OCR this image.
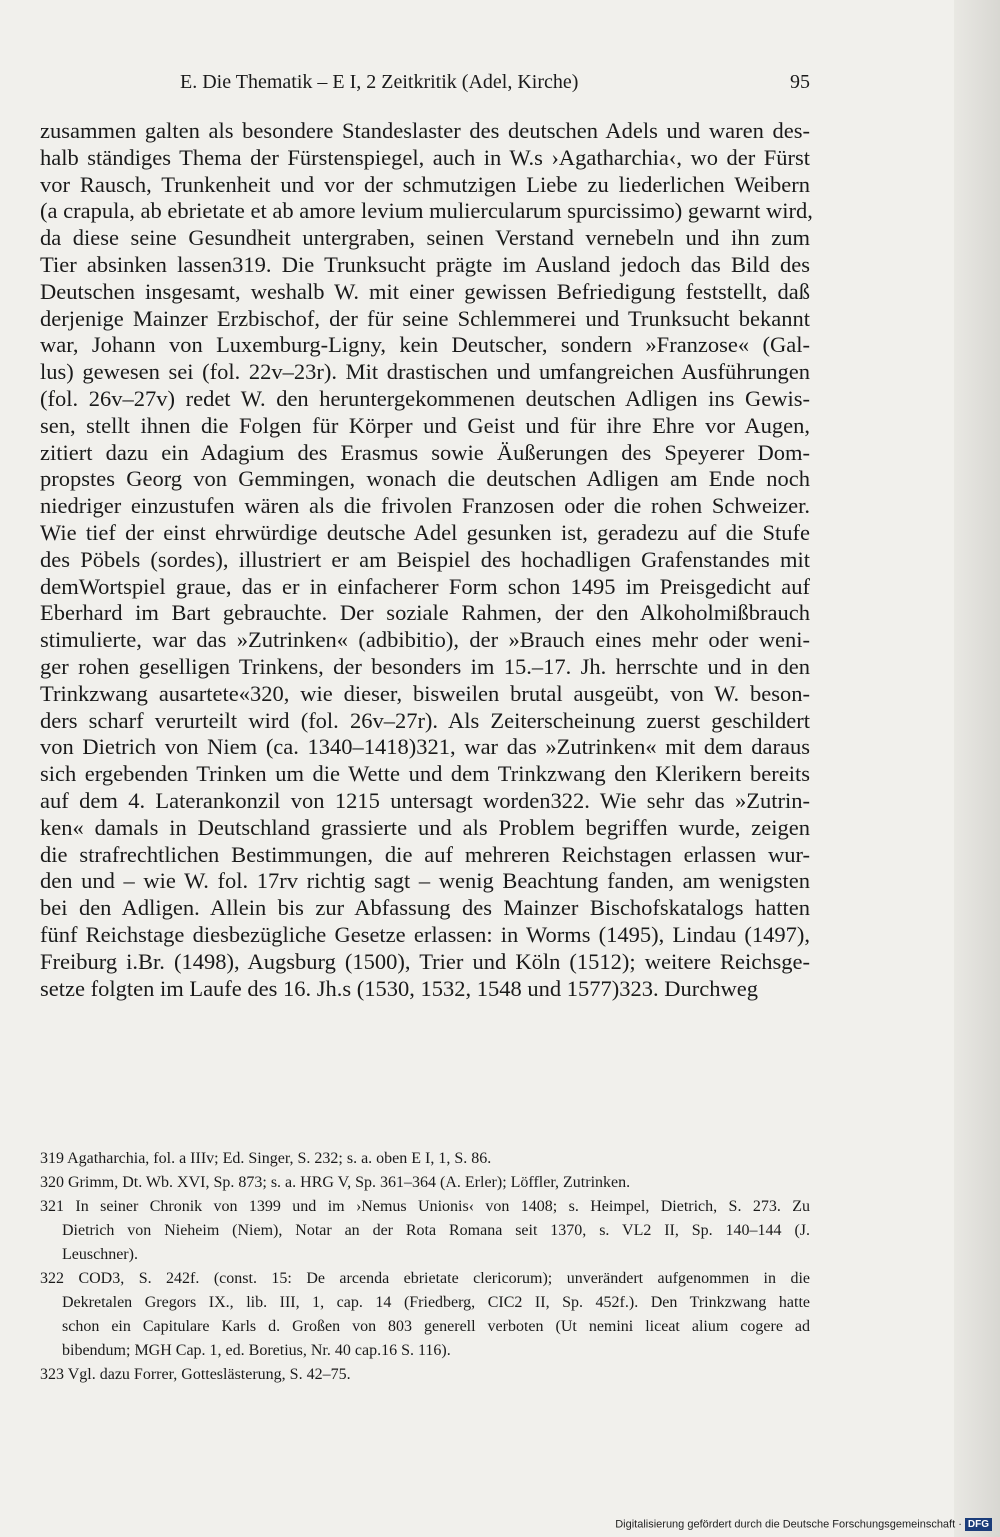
E. Die Thematik – E I, 2 Zeitkritik (Adel, Kirche)	95
zusammen galten als besondere Standeslaster des deutschen Adels und waren des-
halb ständiges Thema der Fürstenspiegel, auch in W.s ›Agatharchia‹, wo der Fürst
vor Rausch, Trunkenheit und vor der schmutzigen Liebe zu liederlichen Weibern
(a crapula, ab ebrietate et ab amore levium muliercularum spurcissimo) gewarnt wird,
da diese seine Gesundheit untergraben, seinen Verstand vernebeln und ihn zum
Tier absinken lassen319. Die Trunksucht prägte im Ausland jedoch das Bild des
Deutschen insgesamt, weshalb W. mit einer gewissen Befriedigung feststellt, daß
derjenige Mainzer Erzbischof, der für seine Schlemmerei und Trunksucht bekannt
war, Johann von Luxemburg-Ligny, kein Deutscher, sondern »Franzose« (Gal-
lus) gewesen sei (fol. 22v–23r). Mit drastischen und umfangreichen Ausführungen
(fol. 26v–27v) redet W. den heruntergekommenen deutschen Adligen ins Gewis-
sen, stellt ihnen die Folgen für Körper und Geist und für ihre Ehre vor Augen,
zitiert dazu ein Adagium des Erasmus sowie Äußerungen des Speyerer Dom-
propstes Georg von Gemmingen, wonach die deutschen Adligen am Ende noch
niedriger einzustufen wären als die frivolen Franzosen oder die rohen Schweizer.
Wie tief der einst ehrwürdige deutsche Adel gesunken ist, geradezu auf die Stufe
des Pöbels (sordes), illustriert er am Beispiel des hochadligen Grafenstandes mit
demWortspiel graue, das er in einfacherer Form schon 1495 im Preisgedicht auf
Eberhard im Bart gebrauchte. Der soziale Rahmen, der den Alkoholmißbrauch
stimulierte, war das »Zutrinken« (adbibitio), der »Brauch eines mehr oder weni-
ger rohen geselligen Trinkens, der besonders im 15.–17. Jh. herrschte und in den
Trinkzwang ausartete«320, wie dieser, bisweilen brutal ausgeübt, von W. beson-
ders scharf verurteilt wird (fol. 26v–27r). Als Zeiterscheinung zuerst geschildert
von Dietrich von Niem (ca. 1340–1418)321, war das »Zutrinken« mit dem daraus
sich ergebenden Trinken um die Wette und dem Trinkzwang den Klerikern bereits
auf dem 4. Laterankonzil von 1215 untersagt worden322. Wie sehr das »Zutrin-
ken« damals in Deutschland grassierte und als Problem begriffen wurde, zeigen
die strafrechtlichen Bestimmungen, die auf mehreren Reichstagen erlassen wur-
den und – wie W. fol. 17rv richtig sagt – wenig Beachtung fanden, am wenigsten
bei den Adligen. Allein bis zur Abfassung des Mainzer Bischofskatalogs hatten
fünf Reichstage diesbezügliche Gesetze erlassen: in Worms (1495), Lindau (1497),
Freiburg i.Br. (1498), Augsburg (1500), Trier und Köln (1512); weitere Reichsge-
setze folgten im Laufe des 16. Jh.s (1530, 1532, 1548 und 1577)323. Durchweg
319 Agatharchia, fol. a IIIv; Ed. Singer, S. 232; s. a. oben E I, 1, S. 86.
320 Grimm, Dt. Wb. XVI, Sp. 873; s. a. HRG V, Sp. 361–364 (A. Erler); Löffler, Zutrinken.
321 In seiner Chronik von 1399 und im ›Nemus Unionis‹ von 1408; s. Heimpel, Dietrich, S. 273. Zu
Dietrich von Nieheim (Niem), Notar an der Rota Romana seit 1370, s. VL2 II, Sp. 140–144 (J.
Leuschner).
322 COD3, S. 242f. (const. 15: De arcenda ebrietate clericorum); unverändert aufgenommen in die
Dekretalen Gregors IX., lib. III, 1, cap. 14 (Friedberg, CIC2 II, Sp. 452f.). Den Trinkzwang hatte
schon ein Capitulare Karls d. Großen von 803 generell verboten (Ut nemini liceat alium cogere ad
bibendum; MGH Cap. 1, ed. Boretius, Nr. 40 cap.16 S. 116).
323 Vgl. dazu Forrer, Gotteslästerung, S. 42–75.
Digitalisierung gefördert durch die Deutsche Forschungsgemeinschaft · DFG
